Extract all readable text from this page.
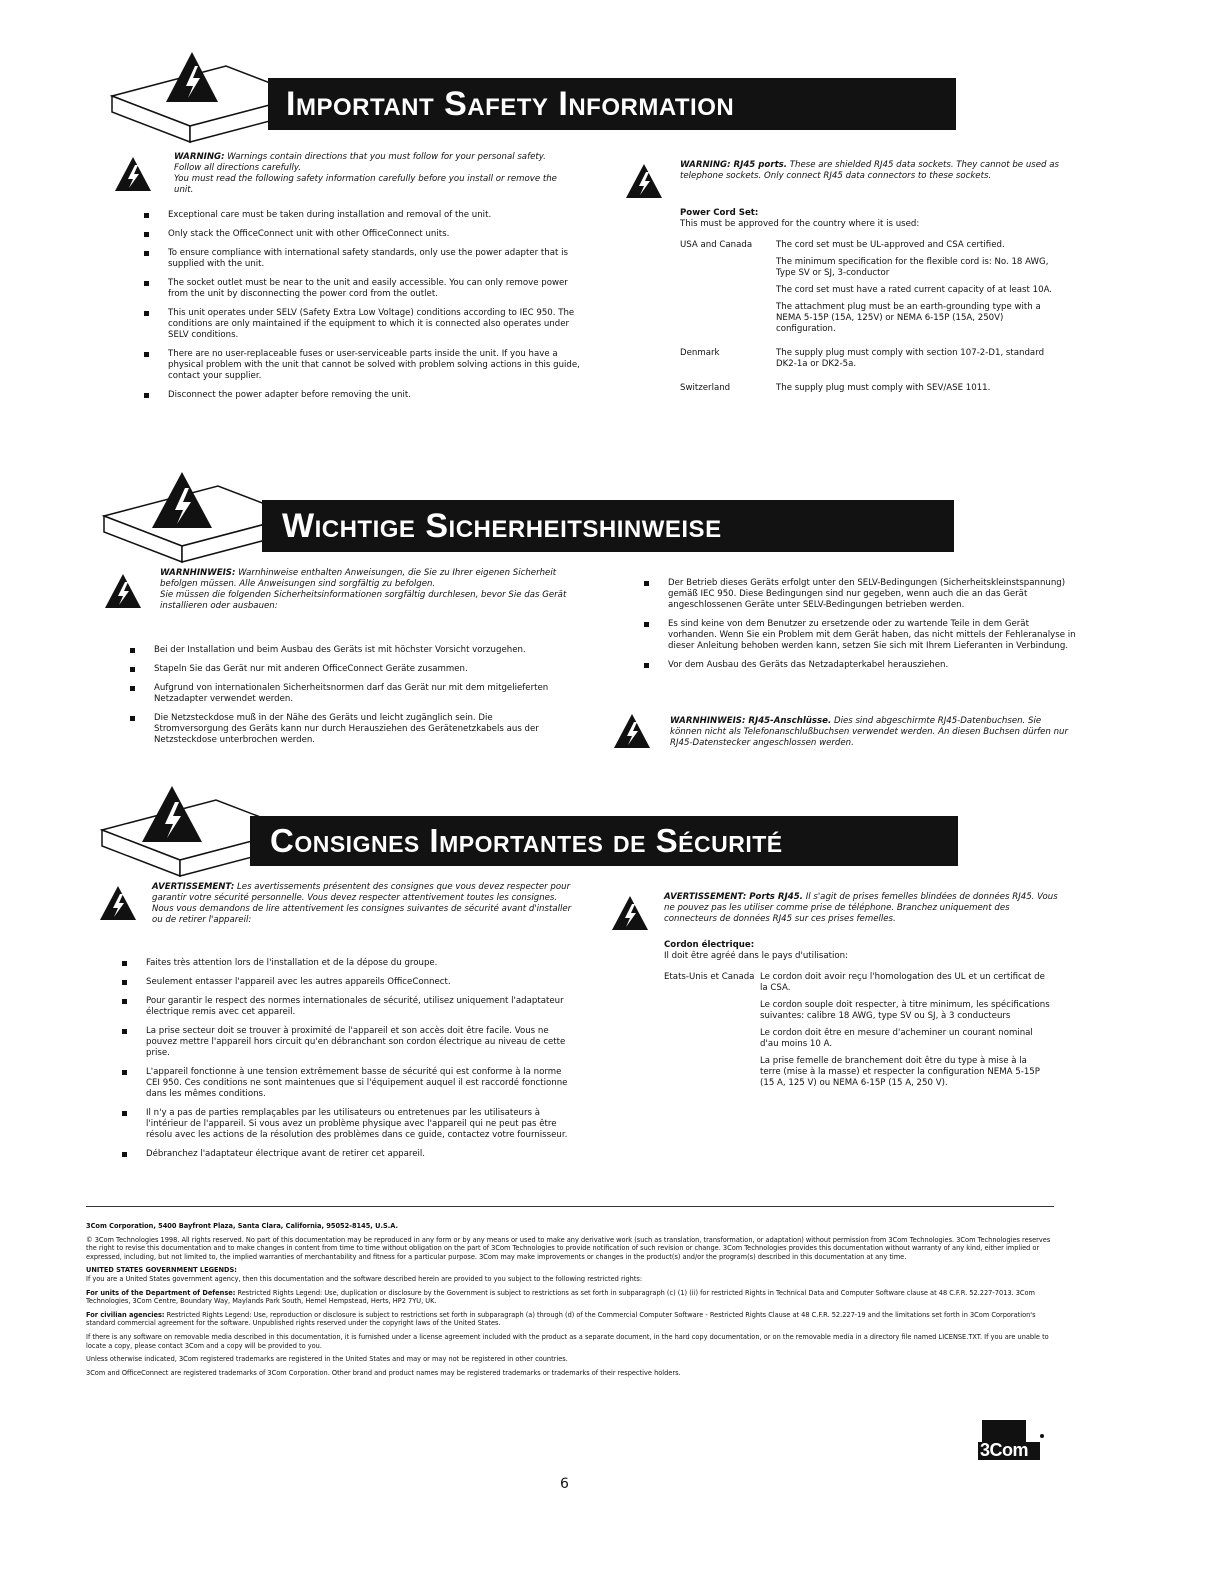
Important Safety Information
WARNING: Warnings contain directions that you must follow for your personal safety. Follow all directions carefully.
You must read the following safety information carefully before you install or remove the unit.
Exceptional care must be taken during installation and removal of the unit.
Only stack the OfficeConnect unit with other OfficeConnect units.
To ensure compliance with international safety standards, only use the power adapter that is supplied with the unit.
The socket outlet must be near to the unit and easily accessible. You can only remove power from the unit by disconnecting the power cord from the outlet.
This unit operates under SELV (Safety Extra Low Voltage) conditions according to IEC 950. The conditions are only maintained if the equipment to which it is connected also operates under SELV conditions.
There are no user-replaceable fuses or user-serviceable parts inside the unit. If you have a physical problem with the unit that cannot be solved with problem solving actions in this guide, contact your supplier.
Disconnect the power adapter before removing the unit.
WARNING: RJ45 ports. These are shielded RJ45 data sockets. They cannot be used as telephone sockets. Only connect RJ45 data connectors to these sockets.
Power Cord Set:
This must be approved for the country where it is used:
USA and Canada	The cord set must be UL-approved and CSA certified.
The minimum specification for the flexible cord is: No. 18 AWG, Type SV or SJ, 3-conductor
The cord set must have a rated current capacity of at least 10A.
The attachment plug must be an earth-grounding type with a NEMA 5-15P (15A, 125V) or NEMA 6-15P (15A, 250V) configuration.
Denmark	The supply plug must comply with section 107-2-D1, standard DK2-1a or DK2-5a.
Switzerland	The supply plug must comply with SEV/ASE 1011.
Wichtige Sicherheitshinweise
WARNHINWEIS: Warnhinweise enthalten Anweisungen, die Sie zu Ihrer eigenen Sicherheit befolgen müssen. Alle Anweisungen sind sorgfältig zu befolgen.
Sie müssen die folgenden Sicherheitsinformationen sorgfältig durchlesen, bevor Sie das Gerät installieren oder ausbauen:
Bei der Installation und beim Ausbau des Geräts ist mit höchster Vorsicht vorzugehen.
Stapeln Sie das Gerät nur mit anderen OfficeConnect Geräte zusammen.
Aufgrund von internationalen Sicherheitsnormen darf das Gerät nur mit dem mitgelieferten Netzadapter verwendet werden.
Die Netzsteckdose muß in der Nähe des Geräts und leicht zugänglich sein. Die Stromversorgung des Geräts kann nur durch Herausziehen des Gerätenetzkabels aus der Netzsteckdose unterbrochen werden.
Der Betrieb dieses Geräts erfolgt unter den SELV-Bedingungen (Sicherheitskleinstspannung) gemäß IEC 950. Diese Bedingungen sind nur gegeben, wenn auch die an das Gerät angeschlossenen Geräte unter SELV-Bedingungen betrieben werden.
Es sind keine von dem Benutzer zu ersetzende oder zu wartende Teile in dem Gerät vorhanden. Wenn Sie ein Problem mit dem Gerät haben, das nicht mittels der Fehleranalyse in dieser Anleitung behoben werden kann, setzen Sie sich mit Ihrem Lieferanten in Verbindung.
Vor dem Ausbau des Geräts das Netzadapterkabel herausziehen.
WARNHINWEIS: RJ45-Anschlüsse. Dies sind abgeschirmte RJ45-Datenbuchsen. Sie können nicht als Telefonanschlußbuchsen verwendet werden. An diesen Buchsen dürfen nur RJ45-Datenstecker angeschlossen werden.
Consignes Importantes de Sécurité
AVERTISSEMENT: Les avertissements présentent des consignes que vous devez respecter pour garantir votre sécurité personnelle. Vous devez respecter attentivement toutes les consignes.
Nous vous demandons de lire attentivement les consignes suivantes de sécurité avant d'installer ou de retirer l'appareil:
Faites très attention lors de l'installation et de la dépose du groupe.
Seulement entasser l'appareil avec les autres appareils OfficeConnect.
Pour garantir le respect des normes internationales de sécurité, utilisez uniquement l'adaptateur électrique remis avec cet appareil.
La prise secteur doit se trouver à proximité de l'appareil et son accès doit être facile. Vous ne pouvez mettre l'appareil hors circuit qu'en débranchant son cordon électrique au niveau de cette prise.
L'appareil fonctionne à une tension extrêmement basse de sécurité qui est conforme à la norme CEI 950. Ces conditions ne sont maintenues que si l'équipement auquel il est raccordé fonctionne dans les mêmes conditions.
Il n'y a pas de parties remplaçables par les utilisateurs ou entretenues par les utilisateurs à l'intérieur de l'appareil. Si vous avez un problème physique avec l'appareil qui ne peut pas être résolu avec les actions de la résolution des problèmes dans ce guide, contactez votre fournisseur.
Débranchez l'adaptateur électrique avant de retirer cet appareil.
AVERTISSEMENT: Ports RJ45. Il s'agit de prises femelles blindées de données RJ45. Vous ne pouvez pas les utiliser comme prise de téléphone. Branchez uniquement des connecteurs de données RJ45 sur ces prises femelles.
Cordon électrique:
Il doit être agréé dans le pays d'utilisation:
Etats-Unis et Canada Le cordon doit avoir reçu l'homologation des UL et un certificat de la CSA.
Le cordon souple doit respecter, à titre minimum, les spécifications suivantes: calibre 18 AWG, type SV ou SJ, à 3 conducteurs
Le cordon doit être en mesure d'acheminer un courant nominal d'au moins 10 A.
La prise femelle de branchement doit être du type à mise à la terre (mise à la masse) et respecter la configuration NEMA 5-15P (15 A, 125 V) ou NEMA 6-15P (15 A, 250 V).

3Com Corporation, 5400 Bayfront Plaza, Santa Clara, California, 95052-8145, U.S.A.

© 3Com Technologies 1998. All rights reserved. No part of this documentation may be reproduced in any form or by any means or used to make any derivative work (such as translation, transformation, or adaptation) without permission from 3Com Technologies. 3Com Technologies reserves the right to revise this documentation and to make changes in content from time to time without obligation on the part of 3Com Technologies to provide notification of such revision or change. 3Com Technologies provides this documentation without warranty of any kind, either implied or expressed, including, but not limited to, the implied warranties of merchantability and fitness for a particular purpose. 3Com may make improvements or changes in the product(s) and/or the program(s) described in this documentation at any time.

UNITED STATES GOVERNMENT LEGENDS:
If you are a United States government agency, then this documentation and the software described herein are provided to you subject to the following restricted rights:

For units of the Department of Defense: Restricted Rights Legend: Use, duplication or disclosure by the Government is subject to restrictions as set forth in subparagraph (c) (1) (ii) for restricted Rights in Technical Data and Computer Software clause at 48 C.F.R. 52.227-7013. 3Com Technologies, 3Com Centre, Boundary Way, Maylands Park South, Hemel Hempstead, Herts, HP2 7YU, UK.

For civilian agencies: Restricted Rights Legend: Use, reproduction or disclosure is subject to restrictions set forth in subparagraph (a) through (d) of the Commercial Computer Software - Restricted Rights Clause at 48 C.F.R. 52.227-19 and the limitations set forth in 3Com Corporation's standard commercial agreement for the software. Unpublished rights reserved under the copyright laws of the United States.

If there is any software on removable media described in this documentation, it is furnished under a license agreement included with the product as a separate document, in the hard copy documentation, or on the removable media in a directory file named LICENSE.TXT. If you are unable to locate a copy, please contact 3Com and a copy will be provided to you.

Unless otherwise indicated, 3Com registered trademarks are registered in the United States and may or may not be registered in other countries.

3Com and OfficeConnect are registered trademarks of 3Com Corporation. Other brand and product names may be registered trademarks or trademarks of their respective holders.

3Com
6
